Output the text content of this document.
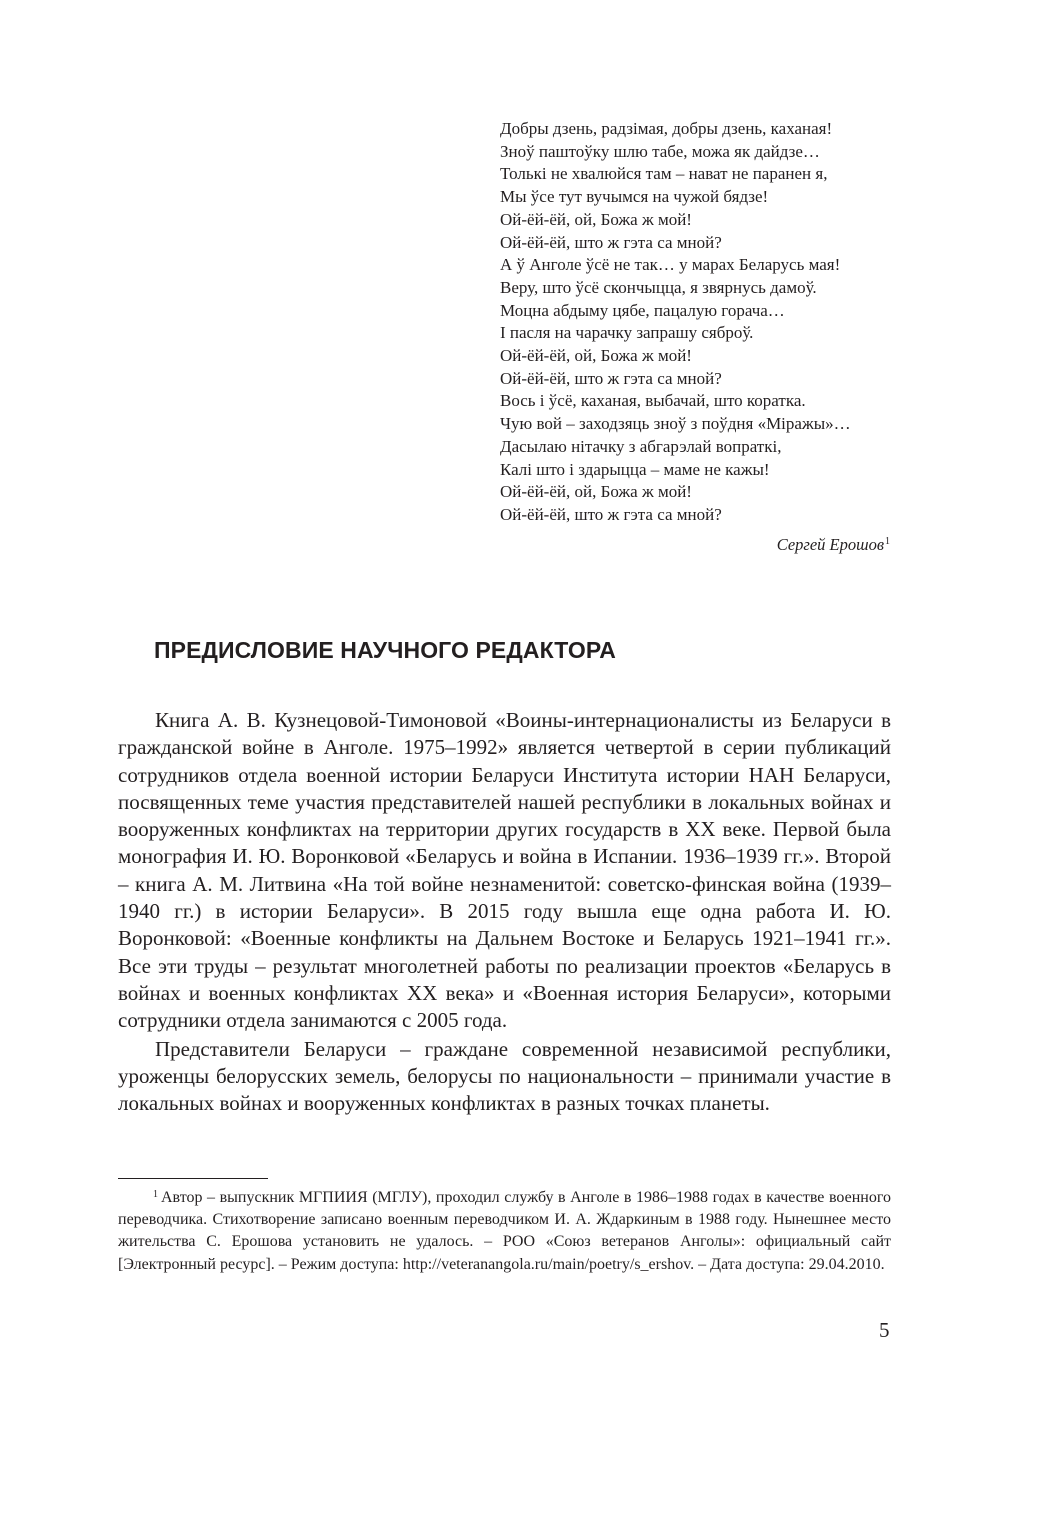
Добры дзень, радзімая, добры дзень, каханая!
Зноў паштоўку шлю табе, можа як дайдзе…
Толькі не хвалюйся там – нават не паранен я,
Мы ўсе тут вучымся на чужой бядзе!
Ой-ёй-ёй, ой, Божа ж мой!
Ой-ёй-ёй, што ж гэта са мной?
А ў Анголе ўсё не так… у марах Беларусь мая!
Веру, што ўсё скончыцца, я звярнусь дамоў.
Моцна абдыму цябе, пацалую горача…
І пасля на чарачку запрашу сяброў.
Ой-ёй-ёй, ой, Божа ж мой!
Ой-ёй-ёй, што ж гэта са мной?
Вось і ўсё, каханая, выбачай, што коратка.
Чую вой – заходзяць зноў з поўдня «Міражы»…
Дасылаю нітачку з абгарэлай вопраткі,
Калі што і здарыцца – маме не кажы!
Ой-ёй-ёй, ой, Божа ж мой!
Ой-ёй-ёй, што ж гэта са мной?
Сергей Ерошов$^1$
ПРЕДИСЛОВИЕ НАУЧНОГО РЕДАКТОРА

Книга А. В. Кузнецовой-Тимоновой «Воины-интернационалисты из Беларуси в гражданской войне в Анголе. 1975–1992» является четвертой в серии публикаций сотрудников отдела военной истории Беларуси Института истории НАН Беларуси, посвященных теме участия представителей нашей республики в локальных войнах и вооруженных конфликтах на территории других государств в ХХ веке. Первой была монография И. Ю. Воронковой «Беларусь и война в Испании. 1936–1939 гг.». Второй – книга А. М. Литвина «На той войне незнаменитой: советско-финская война (1939–1940 гг.) в истории Беларуси». В 2015 году вышла еще одна работа И. Ю. Воронковой: «Военные конфликты на Дальнем Востоке и Беларусь 1921–1941 гг.». Все эти труды – результат многолетней работы по реализации проектов «Беларусь в войнах и военных конфликтах ХХ века» и «Военная история Беларуси», которыми сотрудники отдела занимаются с 2005 года.

Представители Беларуси – граждане современной независимой республики, уроженцы белорусских земель, белорусы по национальности – принимали участие в локальных войнах и вооруженных конфликтах в разных точках планеты.

$^1$ Автор – выпускник МГПИИЯ (МГЛУ), проходил службу в Анголе в 1986–1988 годах в качестве военного переводчика. Стихотворение записано военным переводчиком И. А. Ждаркиным в 1988 году. Нынешнее место жительства С. Ерошова установить не удалось. – РОО «Союз ветеранов Анголы»: официальный сайт [Электронный ресурс]. – Режим доступа: http://veteranangola.ru/main/poetry/s_ershov. – Дата доступа: 29.04.2010.

5
